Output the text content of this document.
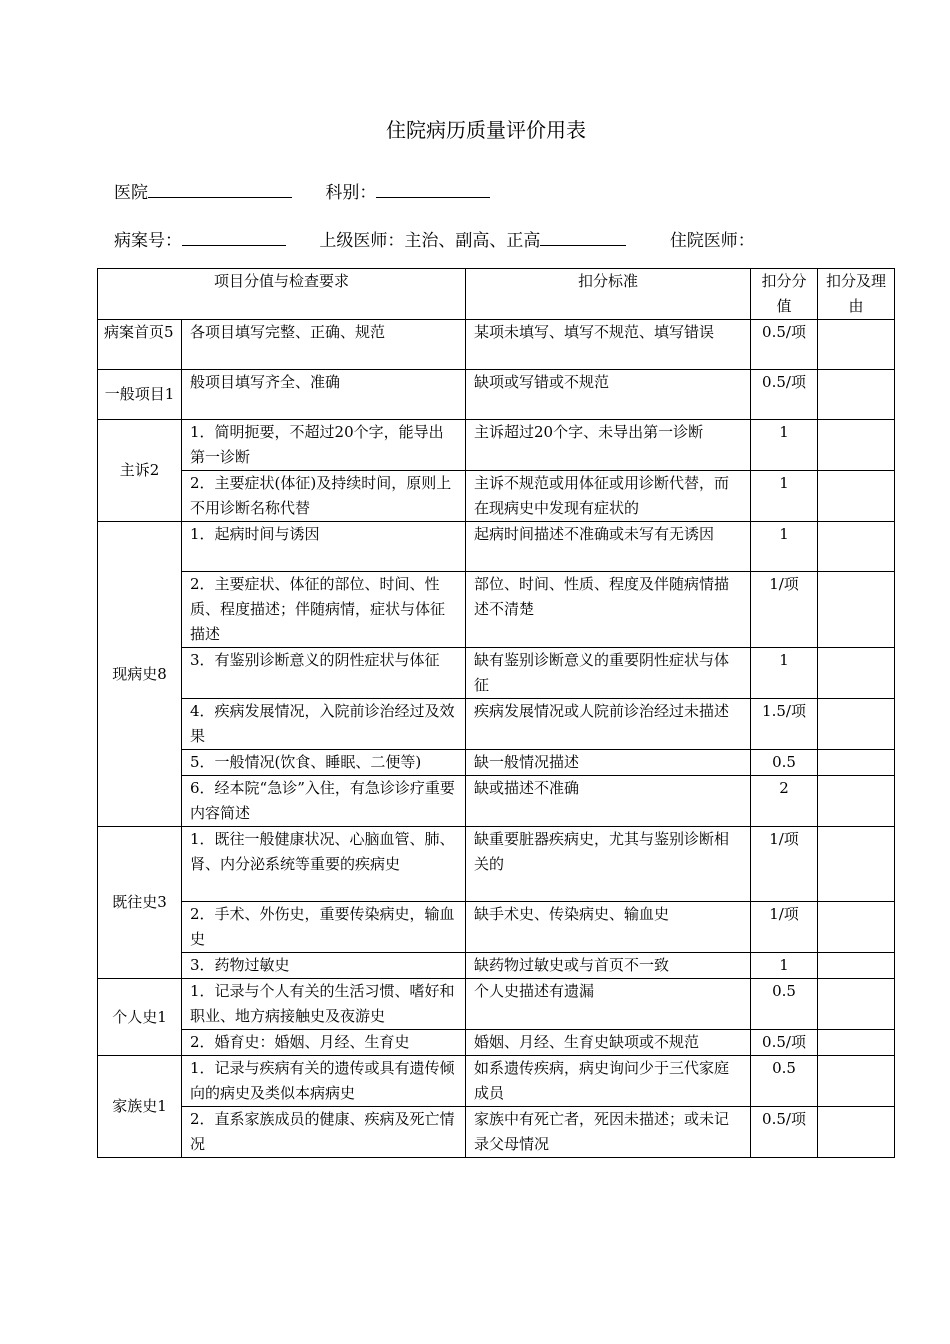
住院病历质量评价用表
医院	科别：
病案号：	上级医师：主治、副高、正高	住院医师：
项目分值与检查要求		扣分标准	扣分分值	扣分及理由
病案首页5	各项目填写完整、正确、规范	某项未填写、填写不规范、填写错误	0.5/项	
一般项目1	般项目填写齐全、准确	缺项或写错或不规范	0.5/项	
主诉2	1．简明扼要，不超过20个字，能导出第一诊断	主诉超过20个字、未导出第一诊断	1	
	2．主要症状(体征)及持续时间，原则上不用诊断名称代替	主诉不规范或用体征或用诊断代替，而在现病史中发现有症状的	1	
现病史8	1．起病时间与诱因	起病时间描述不准确或未写有无诱因	1	
	2．主要症状、体征的部位、时间、性质、程度描述；伴随病情，症状与体征描述	部位、时间、性质、程度及伴随病情描述不清楚	1/项	
	3．有鉴别诊断意义的阴性症状与体征	缺有鉴别诊断意义的重要阴性症状与体征	1	
	4．疾病发展情况，入院前诊治经过及效果	疾病发展情况或人院前诊治经过未描述	1.5/项	
	5．一般情况(饮食、睡眠、二便等)	缺一般情况描述	0.5	
	6．经本院“急诊”入住，有急诊诊疗重要内容简述	缺或描述不准确	2	
既往史3	1．既往一般健康状况、心脑血管、肺、肾、内分泌系统等重要的疾病史	缺重要脏器疾病史，尤其与鉴别诊断相关的	1/项	
	2．手术、外伤史，重要传染病史，输血史	缺手术史、传染病史、输血史	1/项	
	3．药物过敏史	缺药物过敏史或与首页不一致	1	
个人史1	1．记录与个人有关的生活习惯、嗜好和职业、地方病接触史及夜游史	个人史描述有遗漏	0.5	
	2．婚育史：婚姻、月经、生育史	婚姻、月经、生育史缺项或不规范	0.5/项	
家族史1	1．记录与疾病有关的遗传或具有遗传倾向的病史及类似本病病史	如系遗传疾病，病史询问少于三代家庭成员	0.5	
	2．直系家族成员的健康、疾病及死亡情况	家族中有死亡者，死因未描述；或未记录父母情况	0.5/项	
